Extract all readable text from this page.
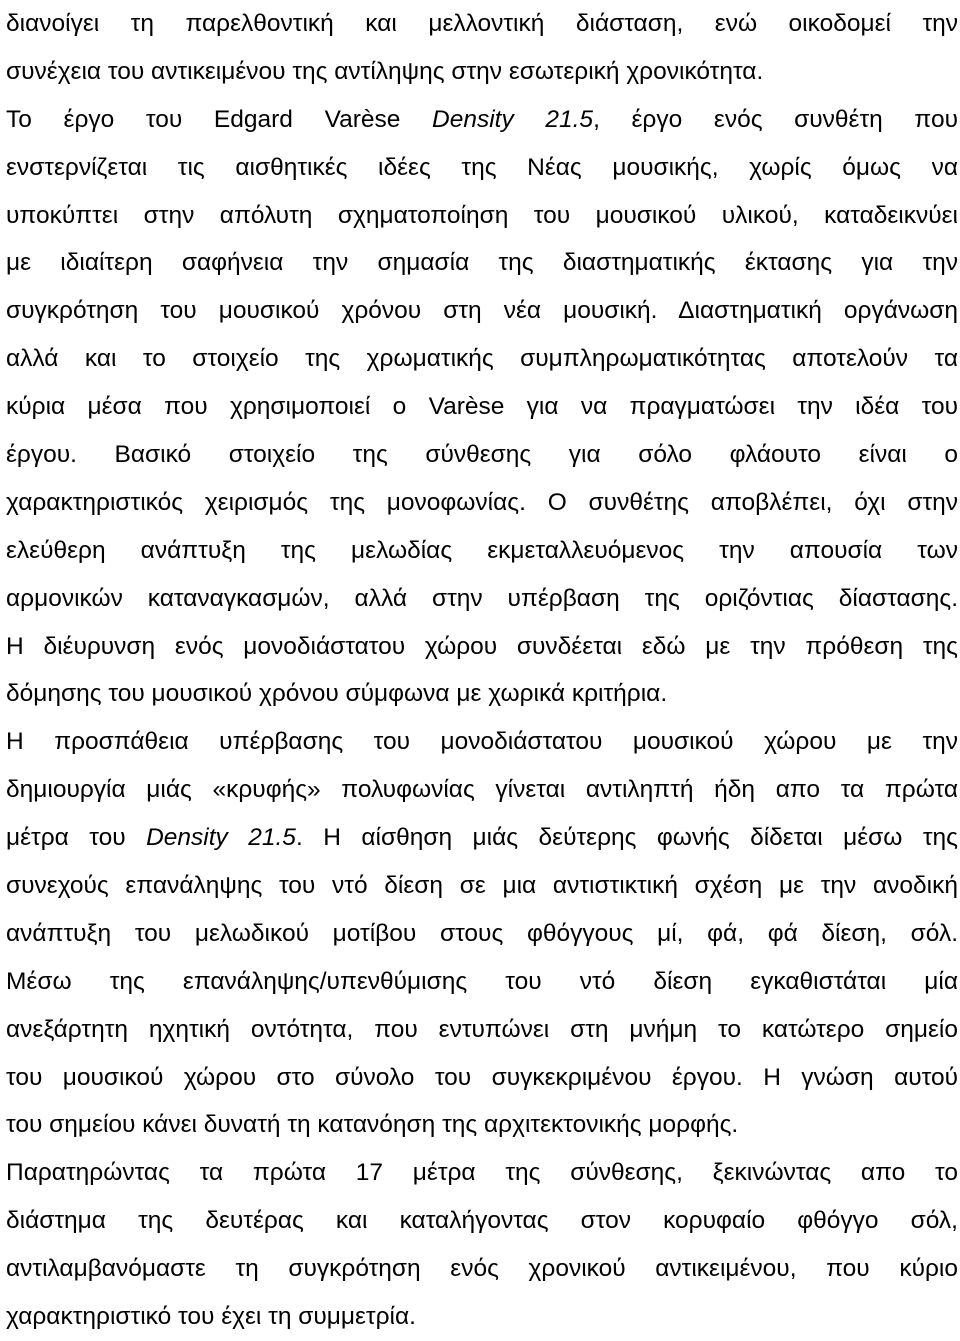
διανοίγει τη παρελθοντική και μελλοντική διάσταση, ενώ οικοδομεί την
συνέχεια του αντικειμένου της αντίληψης στην εσωτερική χρονικότητα.
Το έργο του Edgard Varèse Density 21.5, έργο ενός συνθέτη που
ενστερνίζεται τις αισθητικές ιδέες της Νέας μουσικής, χωρίς όμως να
υποκύπτει στην απόλυτη σχηματοποίηση του μουσικού υλικού, καταδεικνύει
με ιδιαίτερη σαφήνεια την σημασία της διαστηματικής έκτασης για την
συγκρότηση του μουσικού χρόνου στη νέα μουσική. Διαστηματική οργάνωση
αλλά και το στοιχείο της χρωματικής συμπληρωματικότητας αποτελούν τα
κύρια μέσα που χρησιμοποιεί ο Varèse για να πραγματώσει την ιδέα του
έργου. Βασικό στοιχείο της σύνθεσης για σόλο φλάουτο είναι ο
χαρακτηριστικός χειρισμός της μονοφωνίας. Ο συνθέτης αποβλέπει, όχι στην
ελεύθερη ανάπτυξη της μελωδίας εκμεταλλευόμενος την απουσία των
αρμονικών καταναγκασμών, αλλά στην υπέρβαση της οριζόντιας δίαστασης.
Η διέυρυνση ενός μονοδιάστατου χώρου συνδέεται εδώ με την πρόθεση της
δόμησης του μουσικού χρόνου σύμφωνα με χωρικά κριτήρια.
Η προσπάθεια υπέρβασης του μονοδιάστατου μουσικού χώρου με την
δημιουργία μιάς «κρυφής» πολυφωνίας γίνεται αντιληπτή ήδη απο τα πρώτα
μέτρα του Density 21.5. Η αίσθηση μιάς δεύτερης φωνής δίδεται μέσω της
συνεχούς επανάληψης του ντό δίεση σε μια αντιστικτική σχέση με την ανοδική
ανάπτυξη του μελωδικού μοτίβου στους φθόγγους μί, φά, φά δίεση, σόλ.
Μέσω της επανάληψης/υπενθύμισης του ντό δίεση εγκαθιστάται μία
ανεξάρτητη ηχητική οντότητα, που εντυπώνει στη μνήμη το κατώτερο σημείο
του μουσικού χώρου στο σύνολο του συγκεκριμένου έργου. Η γνώση αυτού
του σημείου κάνει δυνατή τη κατανόηση της αρχιτεκτονικής μορφής.
Παρατηρώντας τα πρώτα 17 μέτρα της σύνθεσης, ξεκινώντας απο το
διάστημα της δευτέρας και καταλήγοντας στον κορυφαίο φθόγγο σόλ,
αντιλαμβανόμαστε τη συγκρότηση ενός χρονικού αντικειμένου, που κύριο
χαρακτηριστικό του έχει τη συμμετρία.
